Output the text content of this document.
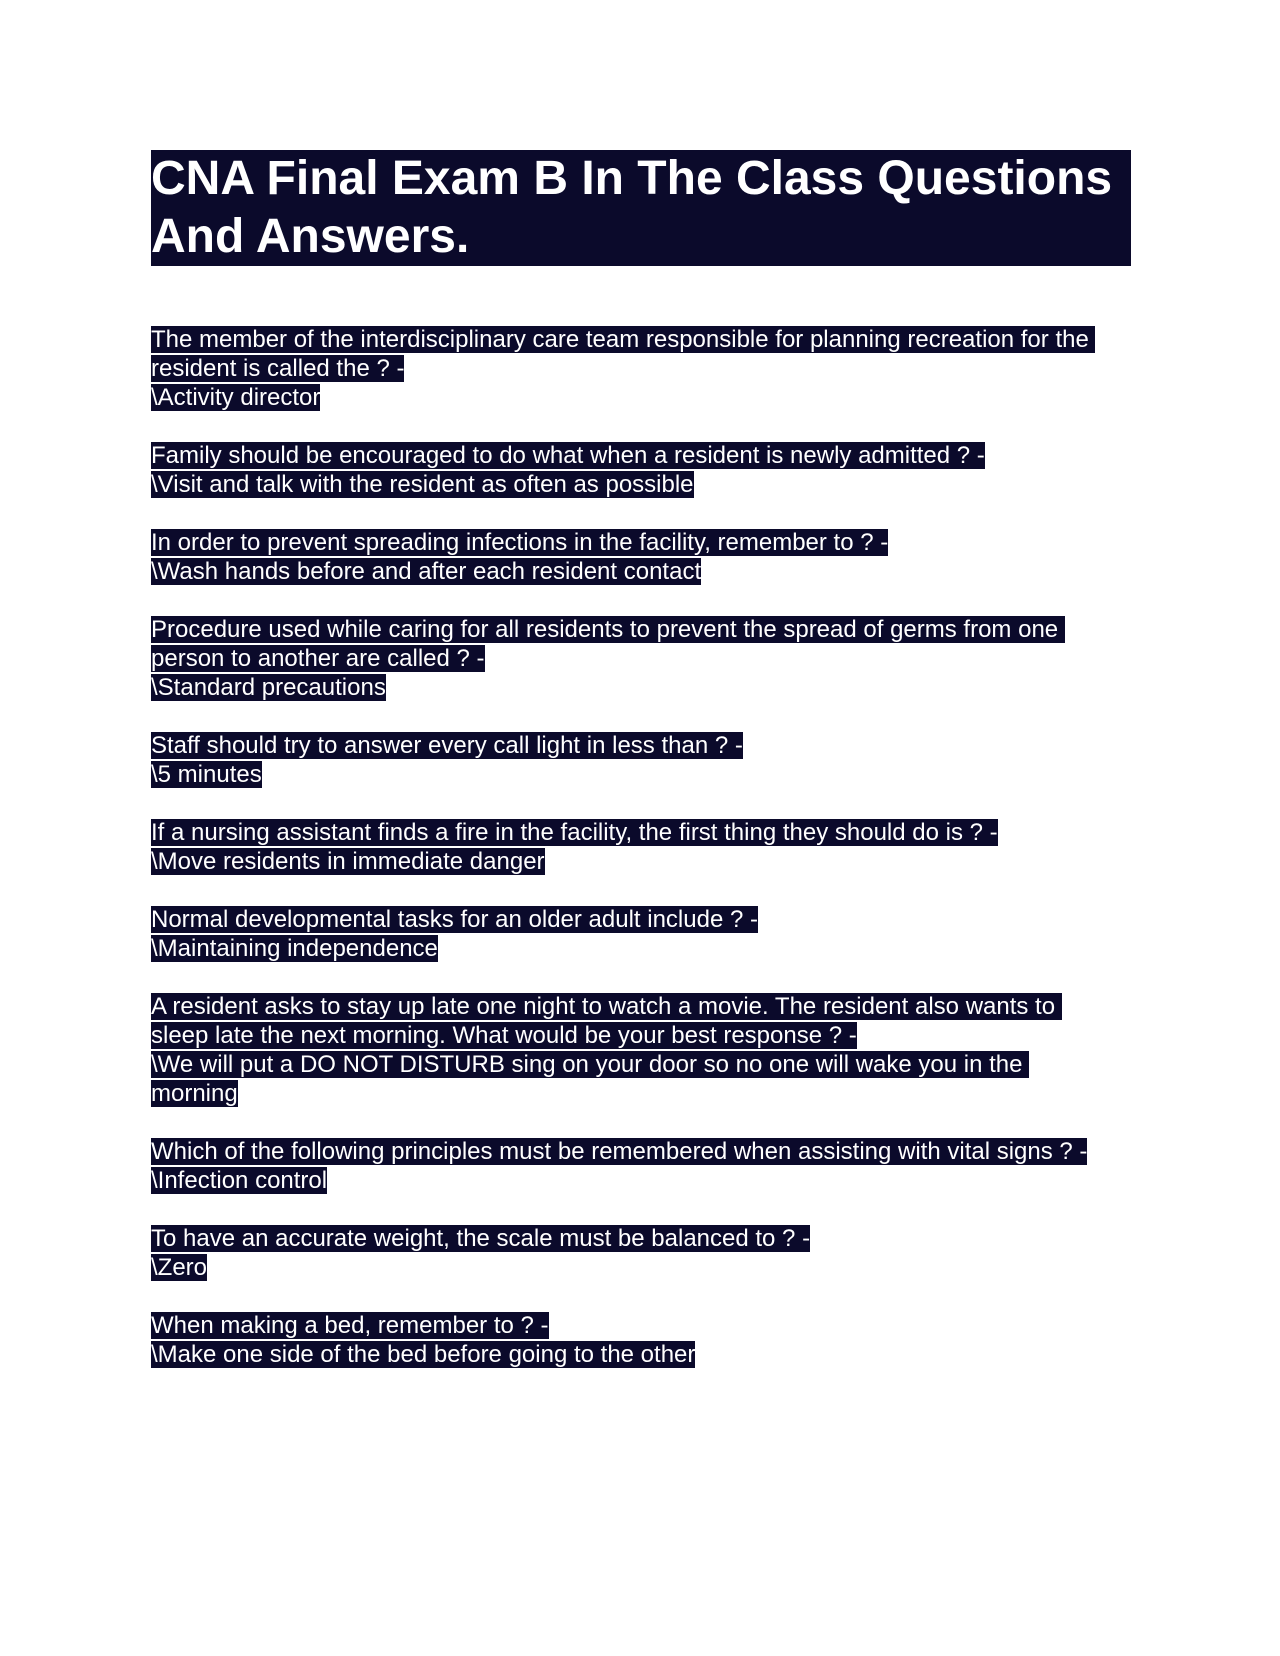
CNA Final Exam B In The Class Questions And Answers.
The member of the interdisciplinary care team responsible for planning recreation for the resident is called the ? -
\Activity director
Family should be encouraged to do what when a resident is newly admitted ? -
\Visit and talk with the resident as often as possible
In order to prevent spreading infections in the facility, remember to ? -
\Wash hands before and after each resident contact
Procedure used while caring for all residents to prevent the spread of germs from one person to another are called ? -
\Standard precautions
Staff should try to answer every call light in less than ? -
\5 minutes
If a nursing assistant finds a fire in the facility, the first thing they should do is ? -
\Move residents in immediate danger
Normal developmental tasks for an older adult include ? -
\Maintaining independence
A resident asks to stay up late one night to watch a movie. The resident also wants to sleep late the next morning. What would be your best response ? -
\We will put a DO NOT DISTURB sing on your door so no one will wake you in the morning
Which of the following principles must be remembered when assisting with vital signs ? -
\Infection control
To have an accurate weight, the scale must be balanced to ? -
\Zero
When making a bed, remember to ? -
\Make one side of the bed before going to the other
